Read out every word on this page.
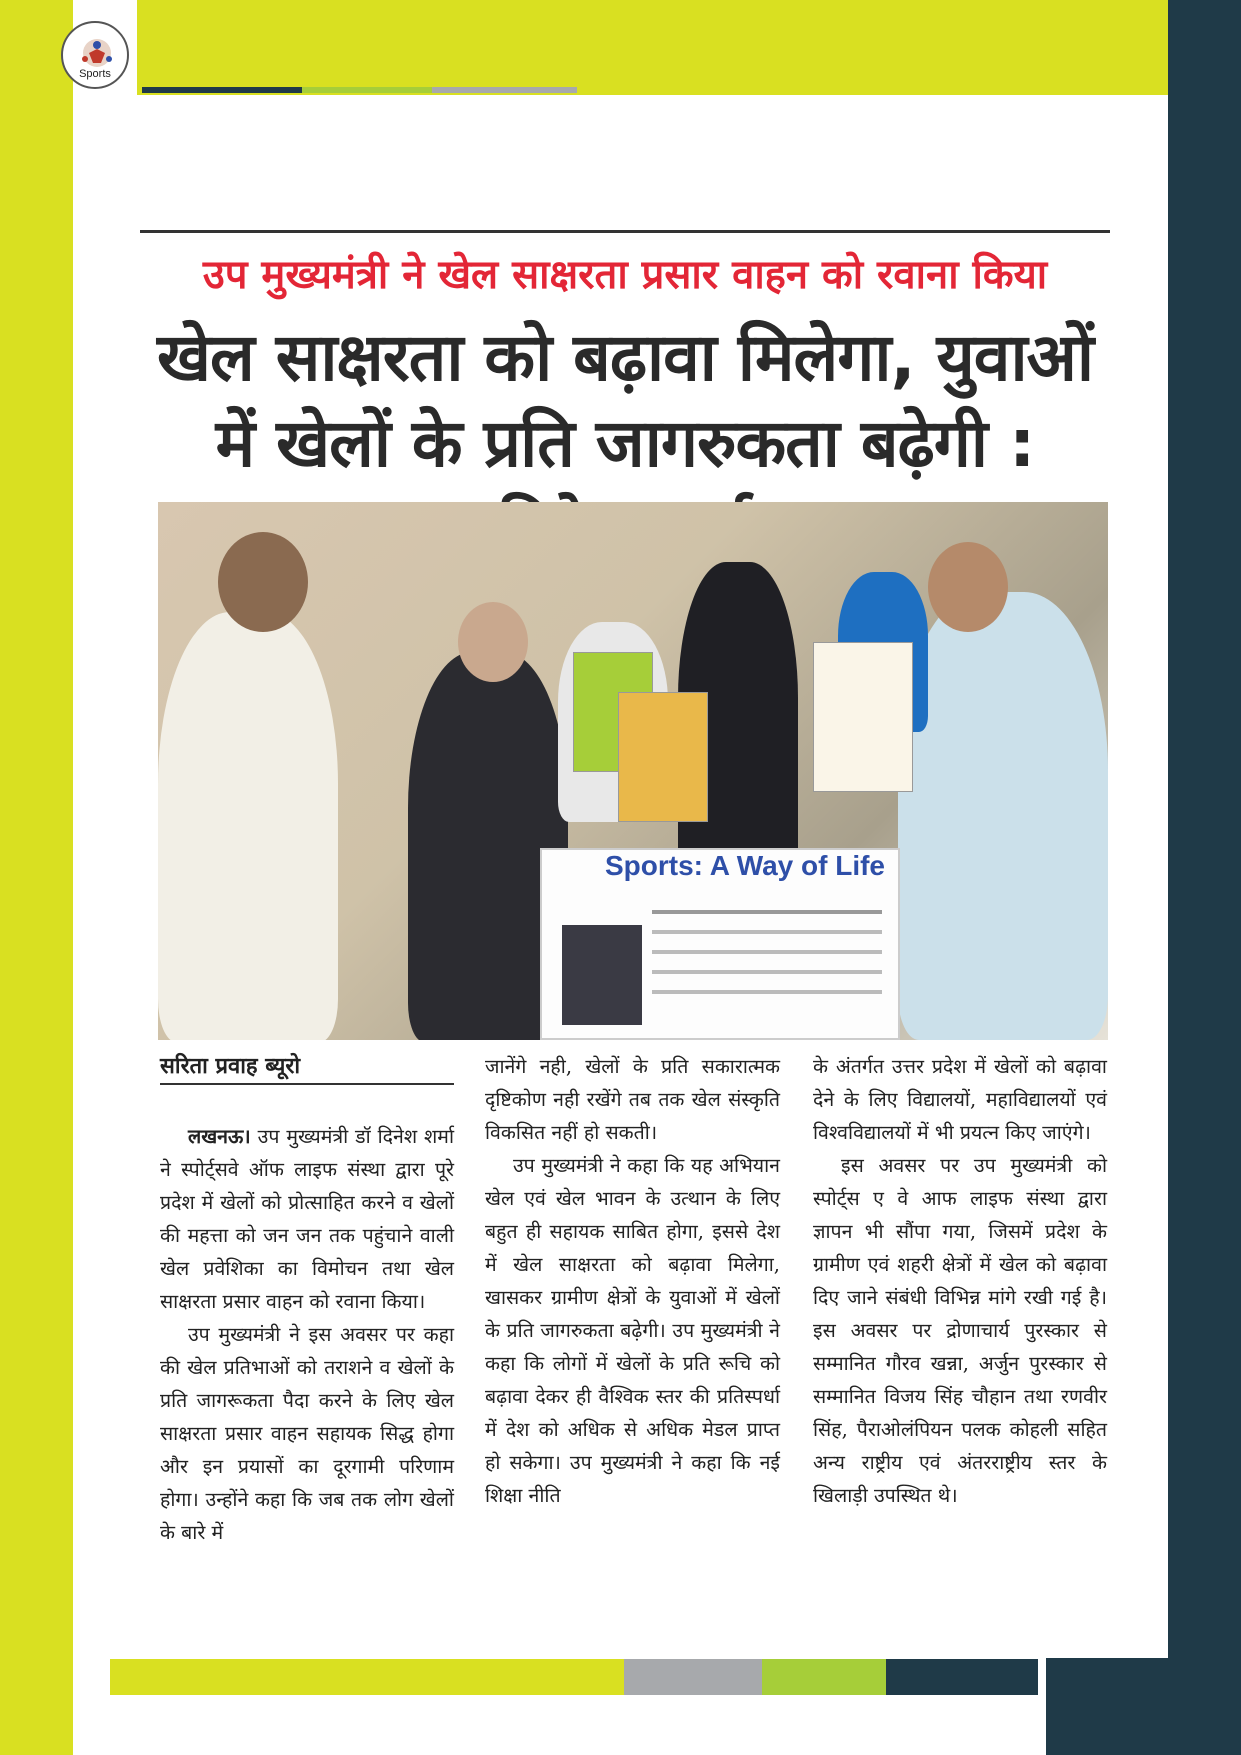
Sports
उप मुख्यमंत्री ने खेल साक्षरता प्रसार वाहन को रवाना किया
खेल साक्षरता को बढ़ावा मिलेगा, युवाओं में खेलों के प्रति जागरुकता बढ़ेगी :
Sports: A Way of Life
सरिता प्रवाह ब्यूरो

लखनऊ। उप मुख्यमंत्री डॉ दिनेश शर्मा ने स्पोर्ट्सवे ऑफ लाइफ संस्था द्वारा पूरे प्रदेश में खेलों को प्रोत्साहित करने व खेलों की महत्ता को जन जन तक पहुंचाने वाली खेल प्रवेशिका का विमोचन तथा खेल साक्षरता प्रसार वाहन को रवाना किया।

उप मुख्यमंत्री ने इस अवसर पर कहा की खेल प्रतिभाओं को तराशने व खेलों के प्रति जागरूकता पैदा करने के लिए खेल साक्षरता प्रसार वाहन सहायक सिद्ध होगा और इन प्रयासों का दूरगामी परिणाम होगा। उन्होंने कहा कि जब तक लोग खेलों के बारे में

जानेंगे नही, खेलों के प्रति सकारात्मक दृष्टिकोण नही रखेंगे तब तक खेल संस्कृति विकसित नहीं हो सकती।

उप मुख्यमंत्री ने कहा कि यह अभियान खेल एवं खेल भावन के उत्थान के लिए बहुत ही सहायक साबित होगा, इससे देश में खेल साक्षरता को बढ़ावा मिलेगा, खासकर ग्रामीण क्षेत्रों के युवाओं में खेलों के प्रति जागरुकता बढ़ेगी। उप मुख्यमंत्री ने कहा कि लोगों में खेलों के प्रति रूचि को बढ़ावा देकर ही वैश्विक स्तर की प्रतिस्पर्धा में देश को अधिक से अधिक मेडल प्राप्त हो सकेगा। उप मुख्यमंत्री ने कहा कि नई शिक्षा नीति

के अंतर्गत उत्तर प्रदेश में खेलों को बढ़ावा देने के लिए विद्यालयों, महाविद्यालयों एवं विश्वविद्यालयों में भी प्रयत्न किए जाएंगे।

इस अवसर पर उप मुख्यमंत्री को स्पोर्ट्स ए वे आफ लाइफ संस्था द्वारा ज्ञापन भी सौंपा गया, जिसमें प्रदेश के ग्रामीण एवं शहरी क्षेत्रों में खेल को बढ़ावा दिए जाने संबंधी विभिन्न मांगे रखी गई है। इस अवसर पर द्रोणाचार्य पुरस्कार से सम्मानित गौरव खन्ना, अर्जुन पुरस्कार से सम्मानित विजय सिंह चौहान तथा रणवीर सिंह, पैराओलंपियन पलक कोहली सहित अन्य राष्ट्रीय एवं अंतरराष्ट्रीय स्तर के खिलाड़ी उपस्थित थे।
